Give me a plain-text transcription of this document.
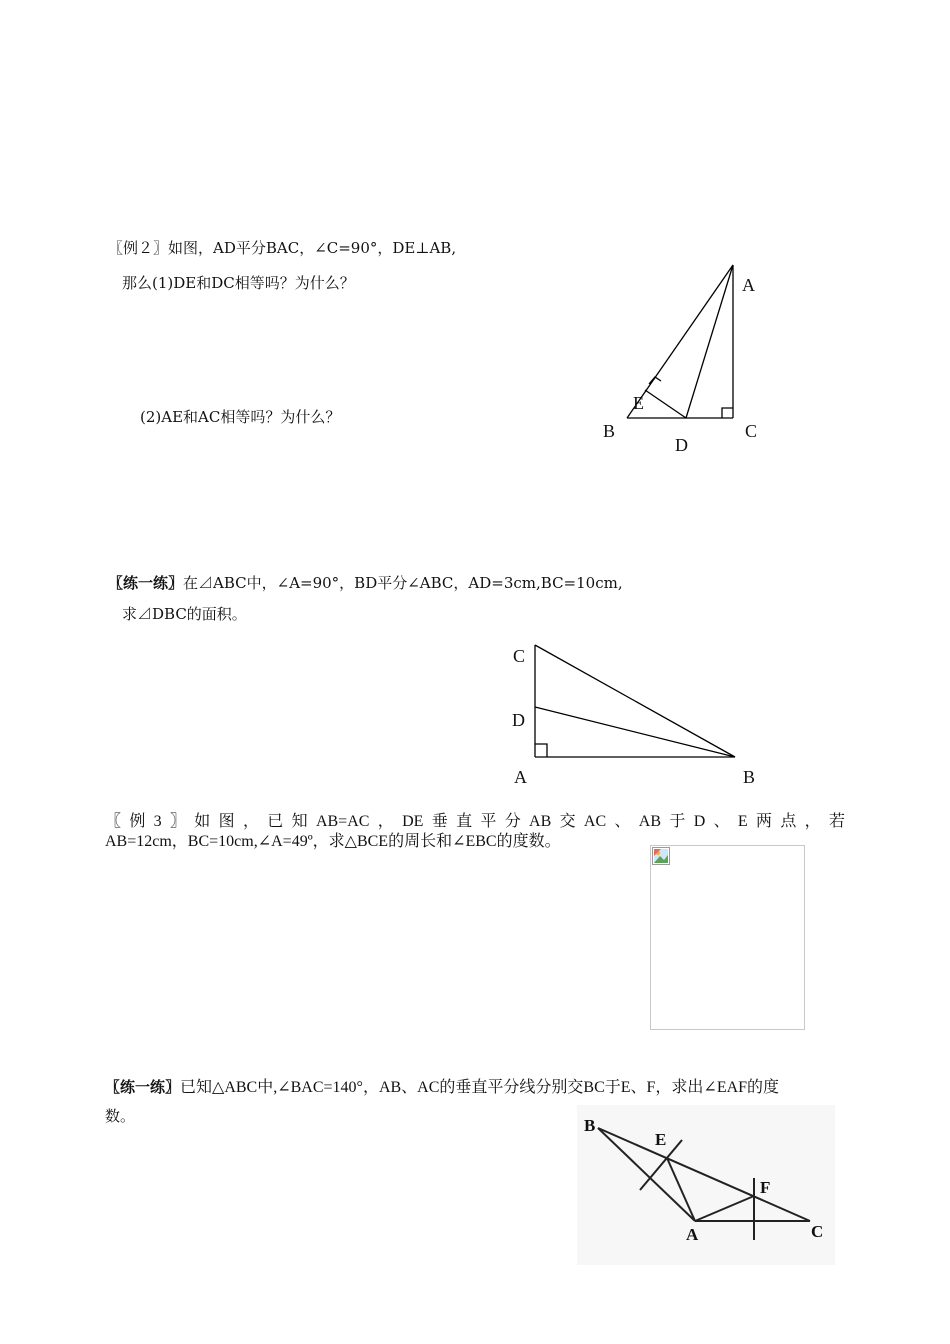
〖例２〗如图，AD平分BAC，∠C=90°，DE⊥AB,
那么(1)DE和DC相等吗？为什么？
(2)AE和AC相等吗？为什么？
A
E
B	C
D
〖练一练〗在⊿ABC中，∠A=90°，BD平分∠ABC，AD=3cm,BC=10cm,
求⊿DBC的面积。
C
D
A	B
〖例3〗如图，已知AB=AC，DE垂直平分AB交AC、AB于D、E两点，若
AB=12cm，BC=10cm,∠A=49º，求△BCE的周长和∠EBC的度数。
〖练一练〗已知△ABC中,∠BAC=140°，AB、AC的垂直平分线分别交BC于E、F，求出∠EAF的度
数。	B
E
F
A	C
